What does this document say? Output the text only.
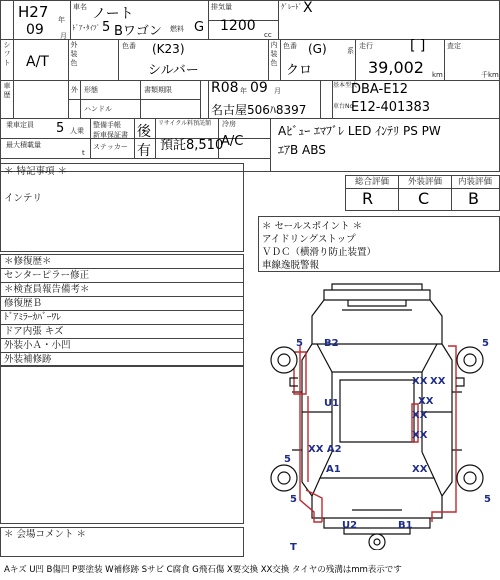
H27 年
09 月
車名 ノート
ﾄﾞｱ･ﾀｲﾌﾟ 5 Bワゴン 燃料 G
排気量
1200
cc
ｸﾞﾚｰﾄﾞ X
シフト A/T
外装色
色番 (K23)
シルバー
内装色
色番 (G)
クロ
系
走行	[ ]
39,002 km
査定
千km
車歴
外 形態
ハンドル
書類期限	R08 年 09 月
名古屋506ﾊ8397
基本型式
DBA-E12
車台No
E12-401383
乗車定員 5 人乗
最大積載量
t
整備手帳
新車保証書
ステッカー
後
有
リサイクル料預託額
預託8,510
冷房
A/C
Aﾋﾞｭｰ ｴﾏﾌﾞﾚ LED ｲﾝﾃﾘ PS PW
ｴｱB ABS
＊ 特記事項 ＊
インテリ
総合評価 外装評価 内装評価
R	C B
＊ セールスポイント ＊
アイドリングストップ
ＶＤＣ（横滑り防止装置）
車線逸脱警報
＊修復歴＊
センターピラー修正
＊検査員報告備考＊
修復歴Ｂ
ﾄﾞｱﾐﾗｰｶﾊﾞｰﾜﾚ
ドア内張 キズ
外装小Ａ・小凹
外装補修跡
＊ 会場コメント ＊
5 B2	5
XX XX
U1	XX
XX
XX
XX A2
5
A1	XX
5
U2	B1
T
5
Aキズ U凹 B傷凹 P要塗装 W補修跡 Sサビ C腐食 G飛石傷 X要交換 XX交換 タイヤの残溝はmm表示です
